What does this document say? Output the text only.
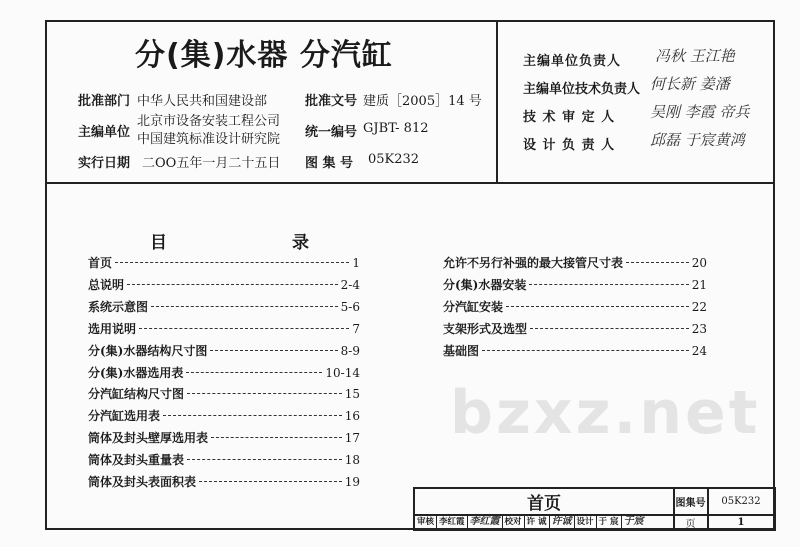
bzxz.net
分(集)水器 分汽缸
批准部门 中华人民共和国建设部	批准文号 建质［2005］14 号
主编单位
北京市设备安装工程公司
中国建筑标准设计研究院 统一编号 GJBT- 812
实行日期 二OO五年一月二十五日 图 集 号 05K232
主编单位负责人 冯秋 王江艳
主编单位技术负责人 何长新 姜潘
技 术 审 定 人 吴刚 李霞 帝兵
设 计 负 责 人 邱磊 于宸黄鸿
目	录
首页	1
总说明	2-4
系统示意图	5-6
选用说明	7
分(集)水器结构尺寸图	8-9
分(集)水器选用表	10-14
分汽缸结构尺寸图	15
分汽缸选用表	16
筒体及封头壁厚选用表	17
筒体及封头重量表	18
筒体及封头表面积表	19
允许不另行补强的最大接管尺寸表	20
分(集)水器安装	21
分汽缸安装	22
支架形式及选型	23
基础图	24
首页	图集号	05K232
审核 李红霞 李红霞 校对 许 诚 许诚 设计 于 宸 于宸	页	1
